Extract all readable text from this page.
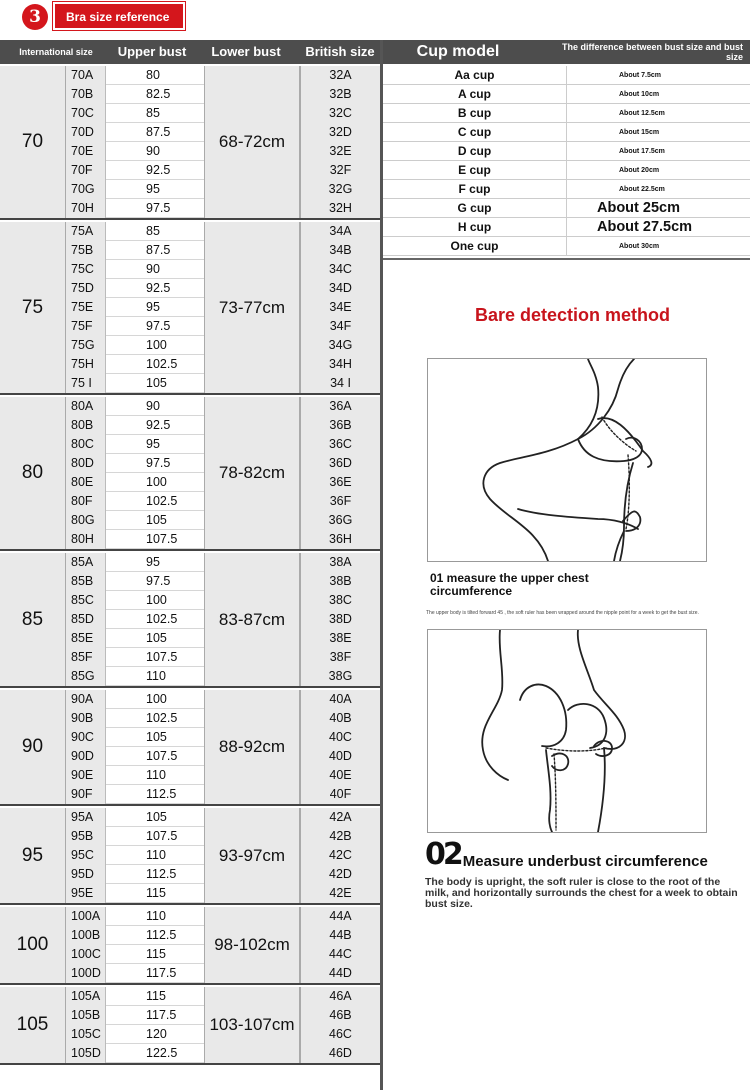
3	Bra size reference
International size	Upper bust	Lower bust	British size
70
70A	80	32A
70B	82.5	32B
70C	85	32C
70D	87.5	32D
70E	90	32E
70F	92.5	32F
70G	95	32G
70H	97.5	32H
68-72cm
75
75A	85	34A
75B	87.5	34B
75C	90	34C
75D	92.5	34D
75E	95	34E
75F	97.5	34F
75G	100	34G
75H	102.5	34H
75 I	105	34 I
73-77cm
80
80A	90	36A
80B	92.5	36B
80C	95	36C
80D	97.5	36D
80E	100	36E
80F	102.5	36F
80G	105	36G
80H	107.5	36H
78-82cm
85
85A	95	38A
85B	97.5	38B
85C	100	38C
85D	102.5	38D
85E	105	38E
85F	107.5	38F
85G	110	38G
83-87cm
90
90A	100	40A
90B	102.5	40B
90C	105	40C
90D	107.5	40D
90E	110	40E
90F	112.5	40F
88-92cm
95
95A	105	42A
95B	107.5	42B
95C	110	42C
95D	112.5	42D
95E	115	42E
93-97cm
100
100A	110	44A
100B	112.5	44B
100C	115	44C
100D	117.5	44D
98-102cm
105
105A	115	46A
105B	117.5	46B
105C	120	46C
105D	122.5	46D
103-107cm
Cup model	The difference between bust size and bust size
Aa cup	About 7.5cm
A cup	About 10cm
B cup	About 12.5cm
C cup	About 15cm
D cup	About 17.5cm
E cup	About 20cm
F cup	About 22.5cm
G cup	About 25cm
H cup	About 27.5cm
One cup	About 30cm
Bare detection method
01 measure the upper chest circumference
The upper body is tilted forward 45 , the soft ruler has been wrapped around the nipple point for a week to get the bust size.
02 Measure underbust circumference
The body is upright, the soft ruler is close to the root of the milk, and horizontally surrounds the chest for a week to obtain bust size.
